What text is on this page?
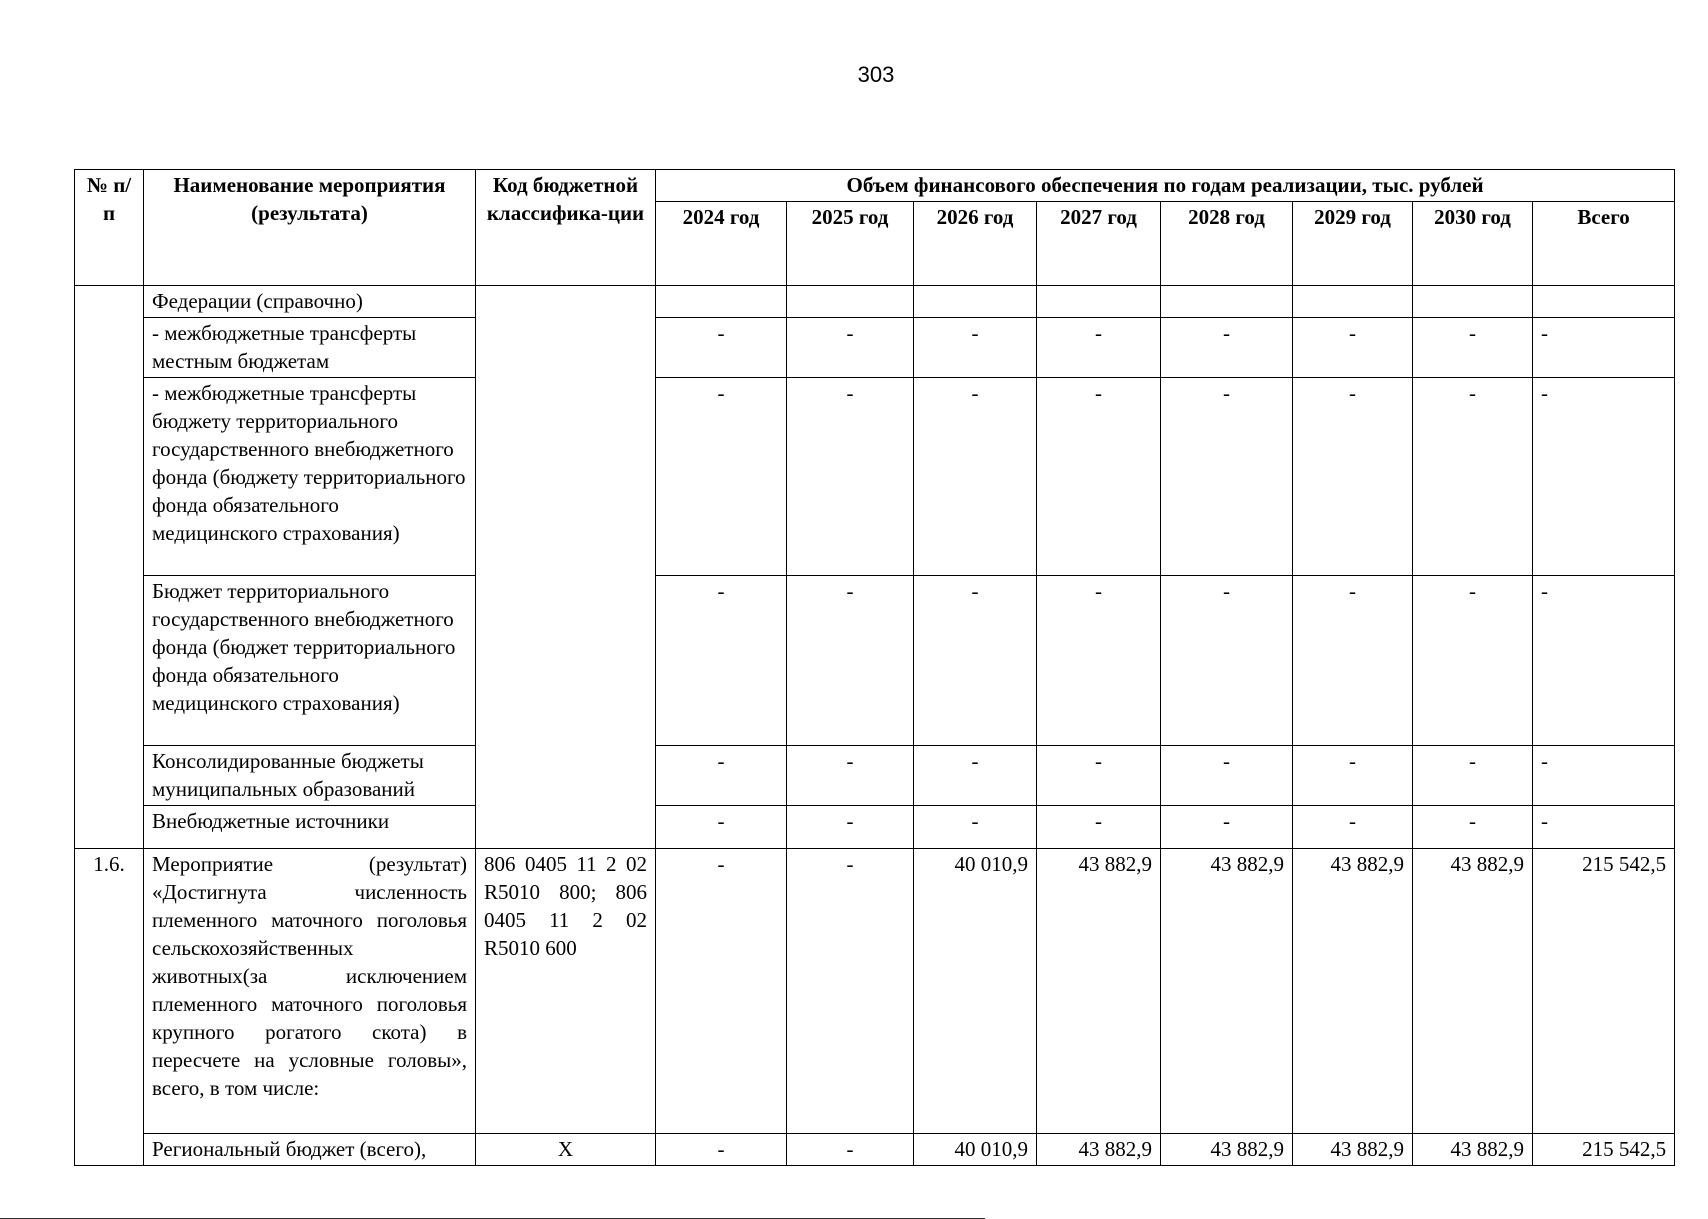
303
№ п/п	Наименование мероприятия (результата)	Код бюджетной классифика-ции	Объем финансового обеспечения по годам реализации, тыс. рублей							
			2024 год	2025 год	2026 год	2027 год	2028 год	2029 год	2030 год	Всего
	Федерации (справочно)									
	- межбюджетные трансферты местным бюджетам		-	-	-	-	-	-	-	-
	- межбюджетные трансферты бюджету территориального государственного внебюджетного фонда (бюджету территориального фонда обязательного медицинского страхования)		-	-	-	-	-	-	-	-
	Бюджет территориального государственного внебюджетного фонда (бюджет территориального фонда обязательного медицинского страхования)		-	-	-	-	-	-	-	-
	Консолидированные бюджеты муниципальных образований		-	-	-	-	-	-	-	-
	Внебюджетные источники		-	-	-	-	-	-	-	-
1.6.	Мероприятие (результат) «Достигнута численность племенного маточного поголовья сельскохозяйственных животных(за исключением племенного маточного поголовья крупного рогатого скота) в пересчете на условные головы», всего, в том числе:	806 0405 11 2 02 R5010 800; 806 0405 11 2 02 R5010 600	-	-	40 010,9	43 882,9	43 882,9	43 882,9	43 882,9	215 542,5
	Региональный бюджет (всего),	Х	-	-	40 010,9	43 882,9	43 882,9	43 882,9	43 882,9	215 542,5
